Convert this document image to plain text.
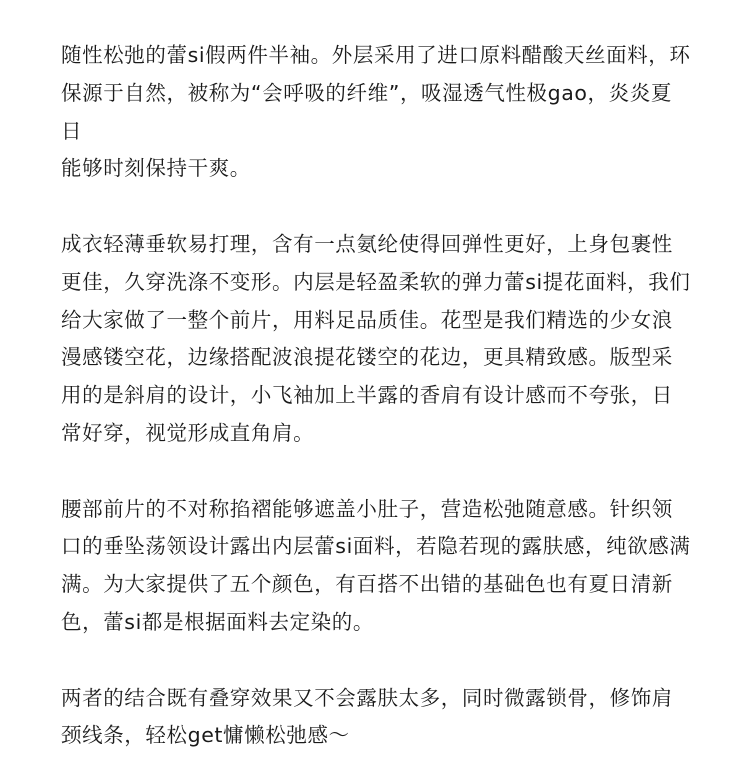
随性松弛的蕾si假两件半袖。外层采用了进口原料醋酸天丝面料，环
保源于自然，被称为“会呼吸的纤维”，吸湿透气性极gao，炎炎夏日
能够时刻保持干爽。
成衣轻薄垂软易打理，含有一点氨纶使得回弹性更好，上身包裹性
更佳，久穿洗涤不变形。内层是轻盈柔软的弹力蕾si提花面料，我们
给大家做了一整个前片，用料足品质佳。花型是我们精选的少女浪
漫感镂空花，边缘搭配波浪提花镂空的花边，更具精致感。版型采
用的是斜肩的设计，小飞袖加上半露的香肩有设计感而不夸张，日
常好穿，视觉形成直角肩。
腰部前片的不对称掐褶能够遮盖小肚子，营造松弛随意感。针织领
口的垂坠荡领设计露出内层蕾si面料，若隐若现的露肤感，纯欲感满
满。为大家提供了五个颜色，有百搭不出错的基础色也有夏日清新
色，蕾si都是根据面料去定染的。
两者的结合既有叠穿效果又不会露肤太多，同时微露锁骨，修饰肩
颈线条，轻松get慵懒松弛感～
